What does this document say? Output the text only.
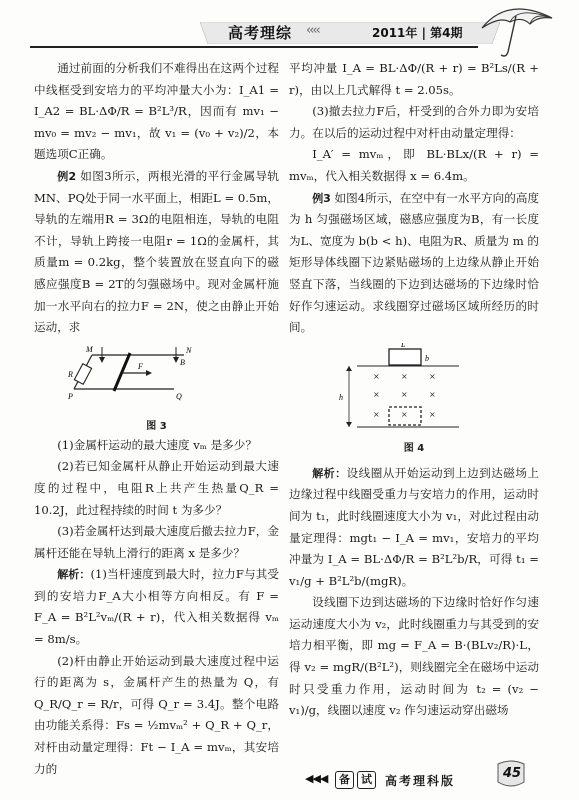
高考理综 ‹‹‹‹	2011年 | 第4期

通过前面的分析我们不难得出在这两个过程中线框受到安培力的平均冲量大小为：I_A1 = I_A2 = BL·ΔΦ/R = B²L³/R，因而有 mv₁ − mv₀ = mv₂ − mv₁，故 v₁ = (v₀ + v₂)/2，本题选项C正确。

例2 如图3所示，两根光滑的平行金属导轨MN、PQ处于同一水平面上，相距L = 0.5m，导轨的左端用R = 3Ω的电阻相连，导轨的电阻不计，导轨上跨接一电阻r = 1Ω的金属杆，其质量m = 0.2kg，整个装置放在竖直向下的磁感应强度B = 2T的匀强磁场中。现对金属杆施加一水平向右的拉力F = 2N，使之由静止开始运动，求

M	N
P	Q
R
B
F

图 3

(1)金属杆运动的最大速度 vₘ 是多少？

(2)若已知金属杆从静止开始运动到最大速度的过程中，电阻R上共产生热量Q_R = 10.2J，此过程持续的时间 t 为多少？

(3)若金属杆达到最大速度后撤去拉力F，金属杆还能在导轨上滑行的距离 x 是多少？

解析：(1)当杆速度到最大时，拉力F与其受到的安培力F_A大小相等方向相反。有 F = F_A = B²L²vₘ/(R + r)，代入相关数据得 vₘ = 8m/s。

(2)杆由静止开始运动到最大速度过程中运行的距离为 s，金属杆产生的热量为 Q，有 Q_R/Q_r = R/r，可得 Q_r = 3.4J。整个电路由功能关系得：Fs = ½mvₘ² + Q_R + Q_r，对杆由动量定理得：Ft − I_A = mvₘ，其安培力的

平均冲量 I_A = BL·ΔΦ/(R + r) = B²Ls/(R + r)，由以上几式解得 t = 2.05s。

(3)撤去拉力F后，杆受到的合外力即为安培力。在以后的运动过程中对杆由动量定理得：

I_A′ = mvₘ，即 BL·BLx/(R + r) = mvₘ，代入相关数据得 x = 6.4m。

例3 如图4所示，在空中有一水平方向的高度为 h 匀强磁场区域，磁感应强度为B，有一长度为L、宽度为 b(b < h)、电阻为R、质量为 m 的矩形导体线圈下边紧贴磁场的上边缘从静止开始竖直下落，当线圈的下边到达磁场的下边缘时恰好作匀速运动。求线圈穿过磁场区域所经历的时间。

L
b
h
×	×	×
×	×	×
×	×	×

图 4

解析：设线圈从开始运动到上边到达磁场上边缘过程中线圈受重力与安培力的作用，运动时间为 t₁，此时线圈速度大小为 v₁，对此过程由动量定理得：mgt₁ − I_A = mv₁，安培力的平均冲量为 I_A = BL·ΔΦ/R = B²L²b/R，可得 t₁ = v₁/g + B²L²b/(mgR)。

设线圈下边到达磁场的下边缘时恰好作匀速运动速度大小为 v₂，此时线圈重力与其受到的安培力相平衡，即 mg = F_A = B·(BLv₂/R)·L，得 v₂ = mgR/(B²L²)，则线圈完全在磁场中运动时只受重力作用，运动时间为 t₂ = (v₂ − v₁)/g，线圈以速度 v₂ 作匀速运动穿出磁场

◀◀◀	备	试	高考理科版	45
